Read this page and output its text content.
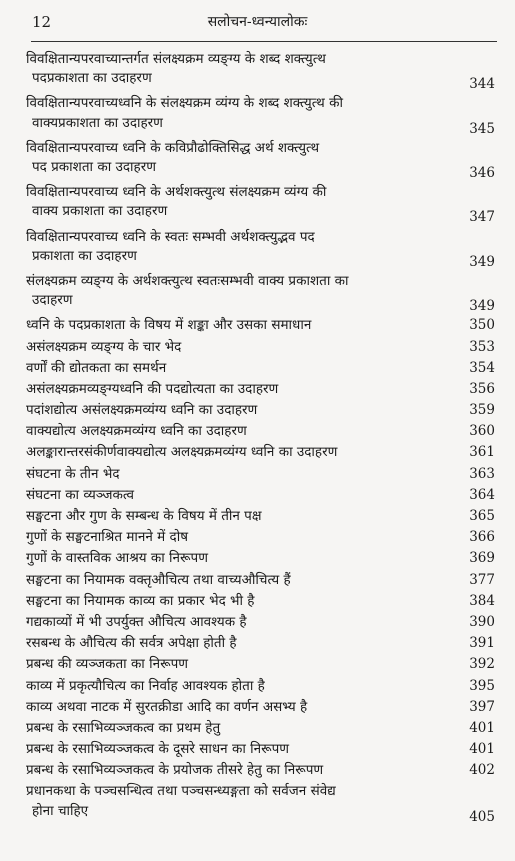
12	सलोचन-ध्वन्यालोकः
विवक्षितान्यपरवाच्यान्तर्गत संलक्ष्यक्रम व्यङ्ग्य के शब्द शक्त्युत्थ
पदप्रकाशता का उदाहरण	344
विवक्षितान्यपरवाच्यध्वनि के संलक्ष्यक्रम व्यंग्य के शब्द शक्त्युत्थ की
वाक्यप्रकाशता का उदाहरण	345
विवक्षितान्यपरवाच्य ध्वनि के कविप्रौढोक्तिसिद्ध अर्थ शक्त्युत्थ
पद प्रकाशता का उदाहरण	346
विवक्षितान्यपरवाच्य ध्वनि के अर्थशक्त्युत्थ संलक्ष्यक्रम व्यंग्य की
वाक्य प्रकाशता का उदाहरण	347
विवक्षितान्यपरवाच्य ध्वनि के स्वतः सम्भवी अर्थशक्त्युद्भव पद
प्रकाशता का उदाहरण	349
संलक्ष्यक्रम व्यङ्ग्य के अर्थशक्त्युत्थ स्वतःसम्भवी वाक्य प्रकाशता का
उदाहरण	349
ध्वनि के पदप्रकाशता के विषय में शङ्का और उसका समाधान	350
असंलक्ष्यक्रम व्यङ्ग्य के चार भेद	353
वर्णों की द्योतकता का समर्थन	354
असंलक्ष्यक्रमव्यङ्ग्यध्वनि की पदद्योत्यता का उदाहरण	356
पदांशद्योत्य असंलक्ष्यक्रमव्यंग्य ध्वनि का उदाहरण	359
वाक्यद्योत्य अलक्ष्यक्रमव्यंग्य ध्वनि का उदाहरण	360
अलङ्कारान्तरसंकीर्णवाक्यद्योत्य अलक्ष्यक्रमव्यंग्य ध्वनि का उदाहरण	361
संघटना के तीन भेद	363
संघटना का व्यञ्जकत्व	364
सङ्घटना और गुण के सम्बन्ध के विषय में तीन पक्ष	365
गुणों के सङ्घटनाश्रित मानने में दोष	366
गुणों के वास्तविक आश्रय का निरूपण	369
सङ्घटना का नियामक वक्तृऔचित्य तथा वाच्यऔचित्य हैं	377
सङ्घटना का नियामक काव्य का प्रकार भेद भी है	384
गद्यकाव्यों में भी उपर्युक्त औचित्य आवश्यक है	390
रसबन्ध के औचित्य की सर्वत्र अपेक्षा होती है	391
प्रबन्ध की व्यञ्जकता का निरूपण	392
काव्य में प्रकृत्यौचित्य का निर्वाह आवश्यक होता है	395
काव्य अथवा नाटक में सुरतक्रीडा आदि का वर्णन असभ्य है	397
प्रबन्ध के रसाभिव्यञ्जकत्व का प्रथम हेतु	401
प्रबन्ध के रसाभिव्यञ्जकत्व के दूसरे साधन का निरूपण	401
प्रबन्ध के रसाभिव्यञ्जकत्व के प्रयोजक तीसरे हेतु का निरूपण	402
प्रधानकथा के पञ्चसन्धित्व तथा पञ्चसन्ध्यङ्गता को सर्वजन संवेद्य
होना चाहिए	405
